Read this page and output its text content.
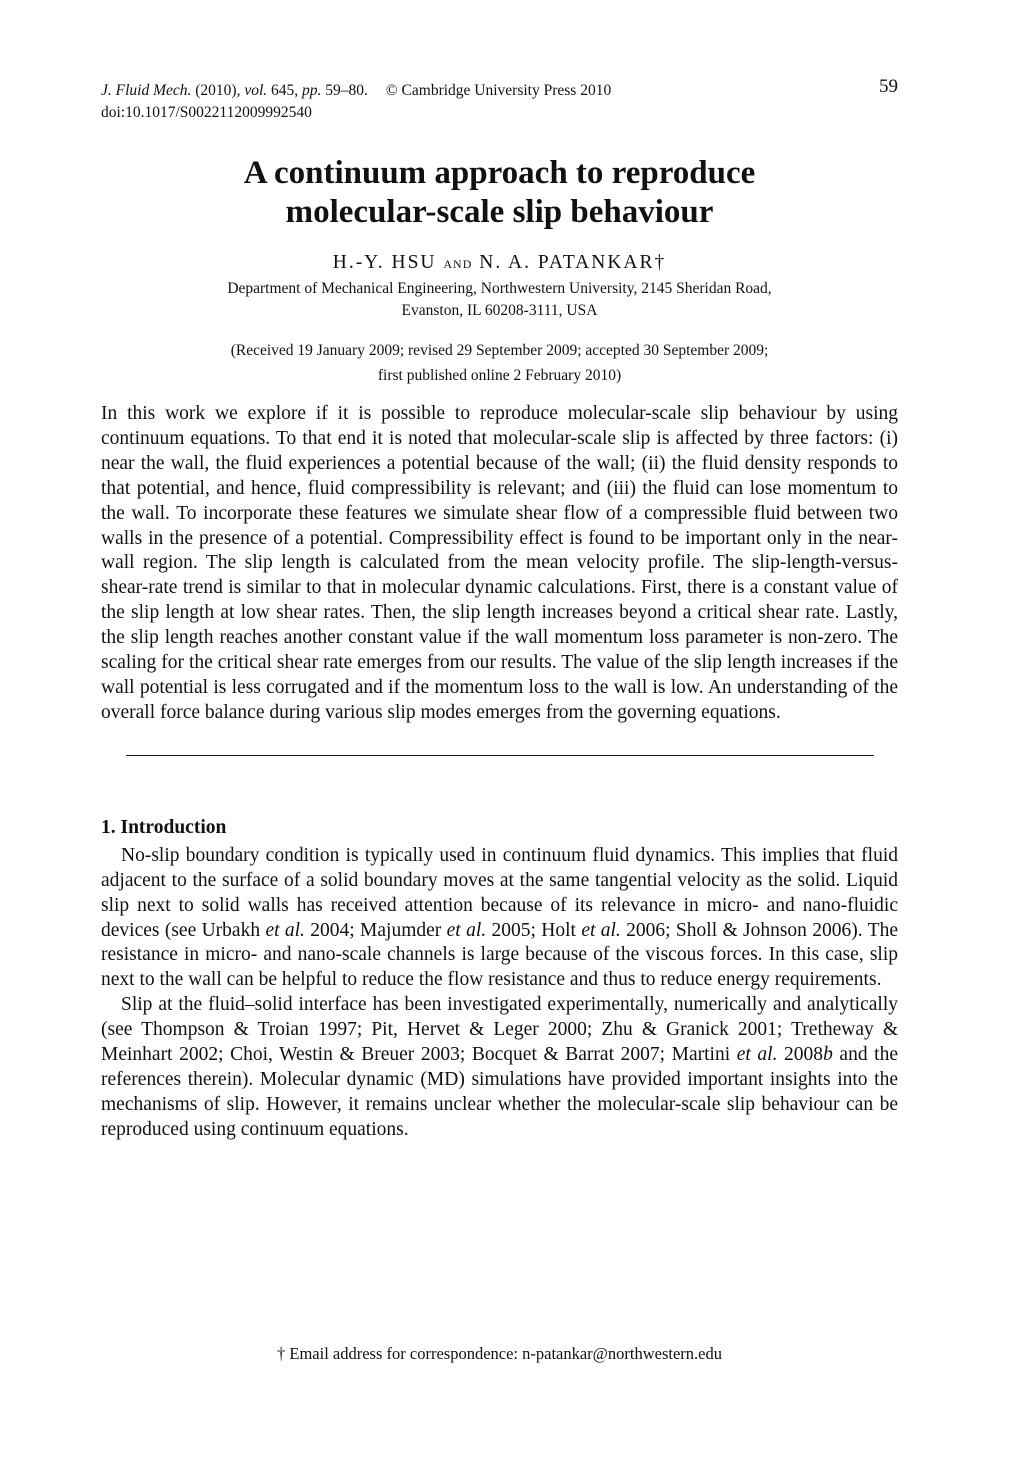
J. Fluid Mech. (2010), vol. 645, pp. 59–80. © Cambridge University Press 2010
doi:10.1017/S0022112009992540
59
A continuum approach to reproduce
molecular-scale slip behaviour
H.-Y. HSU and N. A. PATANKAR†
Department of Mechanical Engineering, Northwestern University, 2145 Sheridan Road,
Evanston, IL 60208-3111, USA
(Received 19 January 2009; revised 29 September 2009; accepted 30 September 2009;
first published online 2 February 2010)

In this work we explore if it is possible to reproduce molecular-scale slip behaviour by using continuum equations. To that end it is noted that molecular-scale slip is affected by three factors: (i) near the wall, the fluid experiences a potential because of the wall; (ii) the fluid density responds to that potential, and hence, fluid compressibility is relevant; and (iii) the fluid can lose momentum to the wall. To incorporate these features we simulate shear flow of a compressible fluid between two walls in the presence of a potential. Compressibility effect is found to be important only in the near-wall region. The slip length is calculated from the mean velocity profile. The slip-length-versus-shear-rate trend is similar to that in molecular dynamic calculations. First, there is a constant value of the slip length at low shear rates. Then, the slip length increases beyond a critical shear rate. Lastly, the slip length reaches another constant value if the wall momentum loss parameter is non-zero. The scaling for the critical shear rate emerges from our results. The value of the slip length increases if the wall potential is less corrugated and if the momentum loss to the wall is low. An understanding of the overall force balance during various slip modes emerges from the governing equations.

1. Introduction

No-slip boundary condition is typically used in continuum fluid dynamics. This implies that fluid adjacent to the surface of a solid boundary moves at the same tangential velocity as the solid. Liquid slip next to solid walls has received attention because of its relevance in micro- and nano-fluidic devices (see Urbakh et al. 2004; Majumder et al. 2005; Holt et al. 2006; Sholl & Johnson 2006). The resistance in micro- and nano-scale channels is large because of the viscous forces. In this case, slip next to the wall can be helpful to reduce the flow resistance and thus to reduce energy requirements.

Slip at the fluid–solid interface has been investigated experimentally, numerically and analytically (see Thompson & Troian 1997; Pit, Hervet & Leger 2000; Zhu & Granick 2001; Tretheway & Meinhart 2002; Choi, Westin & Breuer 2003; Bocquet & Barrat 2007; Martini et al. 2008b and the references therein). Molecular dynamic (MD) simulations have provided important insights into the mechanisms of slip. However, it remains unclear whether the molecular-scale slip behaviour can be reproduced using continuum equations.

† Email address for correspondence: n-patankar@northwestern.edu
